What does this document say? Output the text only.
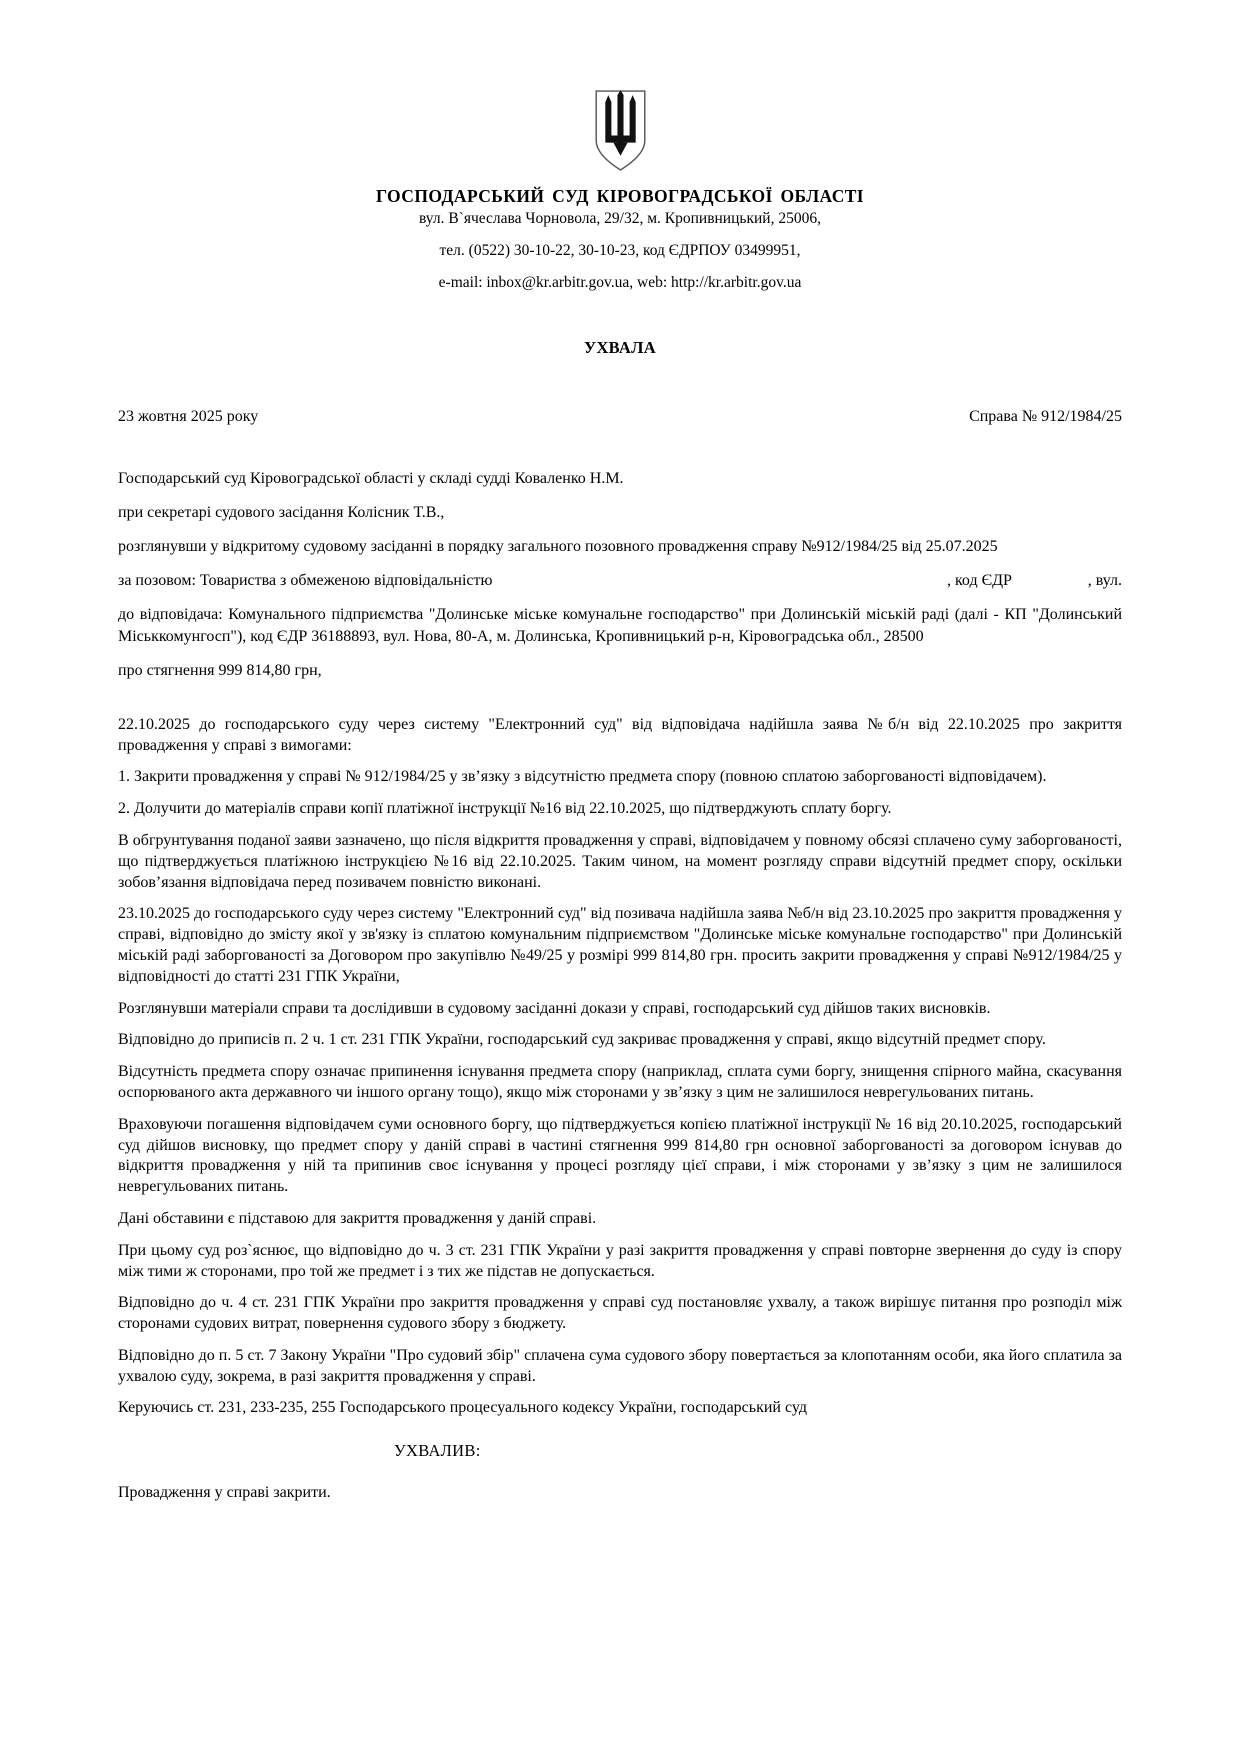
ГОСПОДАРСЬКИЙ СУД КІРОВОГРАДСЬКОЇ ОБЛАСТІ
вул. В`ячеслава Чорновола, 29/32, м. Кропивницький, 25006,
тел. (0522) 30-10-22, 30-10-23, код ЄДРПОУ 03499951,
e-mail: inbox@kr.arbitr.gov.ua, web: http://kr.arbitr.gov.ua
УХВАЛА
23 жовтня 2025 року	Справа № 912/1984/25

Господарський суд Кіровоградської області у складі судді Коваленко Н.М.

при секретарі судового засідання Колісник Т.В.,

розглянувши у відкритому судовому засіданні в порядку загального позовного провадження справу №912/1984/25 від 25.07.2025

за позовом: Товариства з обмеженою відповідальністю	, код ЄДР	, вул.

до відповідача: Комунального підприємства "Долинське міське комунальне господарство" при Долинській міській раді (далі - КП "Долинський Міськкомунгосп"), код ЄДР 36188893, вул. Нова, 80-А, м. Долинська, Кропивницький р-н, Кіровоградська обл., 28500

про стягнення 999 814,80 грн,

22.10.2025 до господарського суду через систему "Електронний суд" від відповідача надійшла заява №б/н від 22.10.2025 про закриття провадження у справі з вимогами:

1. Закрити провадження у справі № 912/1984/25 у зв’язку з відсутністю предмета спору (повною сплатою заборгованості відповідачем).

2. Долучити до матеріалів справи копії платіжної інструкції №16 від 22.10.2025, що підтверджують сплату боргу.

В обгрунтування поданої заяви зазначено, що після відкриття провадження у справі, відповідачем у повному обсязі сплачено суму заборгованості, що підтверджується платіжною інструкцією №16 від 22.10.2025. Таким чином, на момент розгляду справи відсутній предмет спору, оскільки зобов’язання відповідача перед позивачем повністю виконані.

23.10.2025 до господарського суду через систему "Електронний суд" від позивача надійшла заява №б/н від 23.10.2025 про закриття провадження у справі, відповідно до змісту якої у зв'язку із сплатою комунальним підприємством "Долинське міське комунальне господарство" при Долинській міській раді заборгованості за Договором про закупівлю №49/25 у розмірі 999 814,80 грн. просить закрити провадження у справі №912/1984/25 у відповідності до статті 231 ГПК України,

Розглянувши матеріали справи та дослідивши в судовому засіданні докази у справі, господарський суд дійшов таких висновків.

Відповідно до приписів п. 2 ч. 1 ст. 231 ГПК України, господарський суд закриває провадження у справі, якщо відсутній предмет спору.

Відсутність предмета спору означає припинення існування предмета спору (наприклад, сплата суми боргу, знищення спірного майна, скасування оспорюваного акта державного чи іншого органу тощо), якщо між сторонами у зв’язку з цим не залишилося неврегульованих питань.

Враховуючи погашення відповідачем суми основного боргу, що підтверджується копією платіжної інструкції № 16 від 20.10.2025, господарський суд дійшов висновку, що предмет спору у даній справі в частині стягнення 999 814,80 грн основної заборгованості за договором існував до відкриття провадження у ній та припинив своє існування у процесі розгляду цієї справи, і між сторонами у зв’язку з цим не залишилося неврегульованих питань.

Дані обставини є підставою для закриття провадження у даній справі.

При цьому суд роз`яснює, що відповідно до ч. 3 ст. 231 ГПК України у разі закриття провадження у справі повторне звернення до суду із спору між тими ж сторонами, про той же предмет і з тих же підстав не допускається.

Відповідно до ч. 4 ст. 231 ГПК України про закриття провадження у справі суд постановляє ухвалу, а також вирішує питання про розподіл між сторонами судових витрат, повернення судового збору з бюджету.

Відповідно до п. 5 ст. 7 Закону України "Про судовий збір" сплачена сума судового збору повертається за клопотанням особи, яка його сплатила за ухвалою суду, зокрема, в разі закриття провадження у справі.

Керуючись ст. 231, 233-235, 255 Господарського процесуального кодексу України, господарський суд

УХВАЛИВ:
Провадження у справі закрити.
